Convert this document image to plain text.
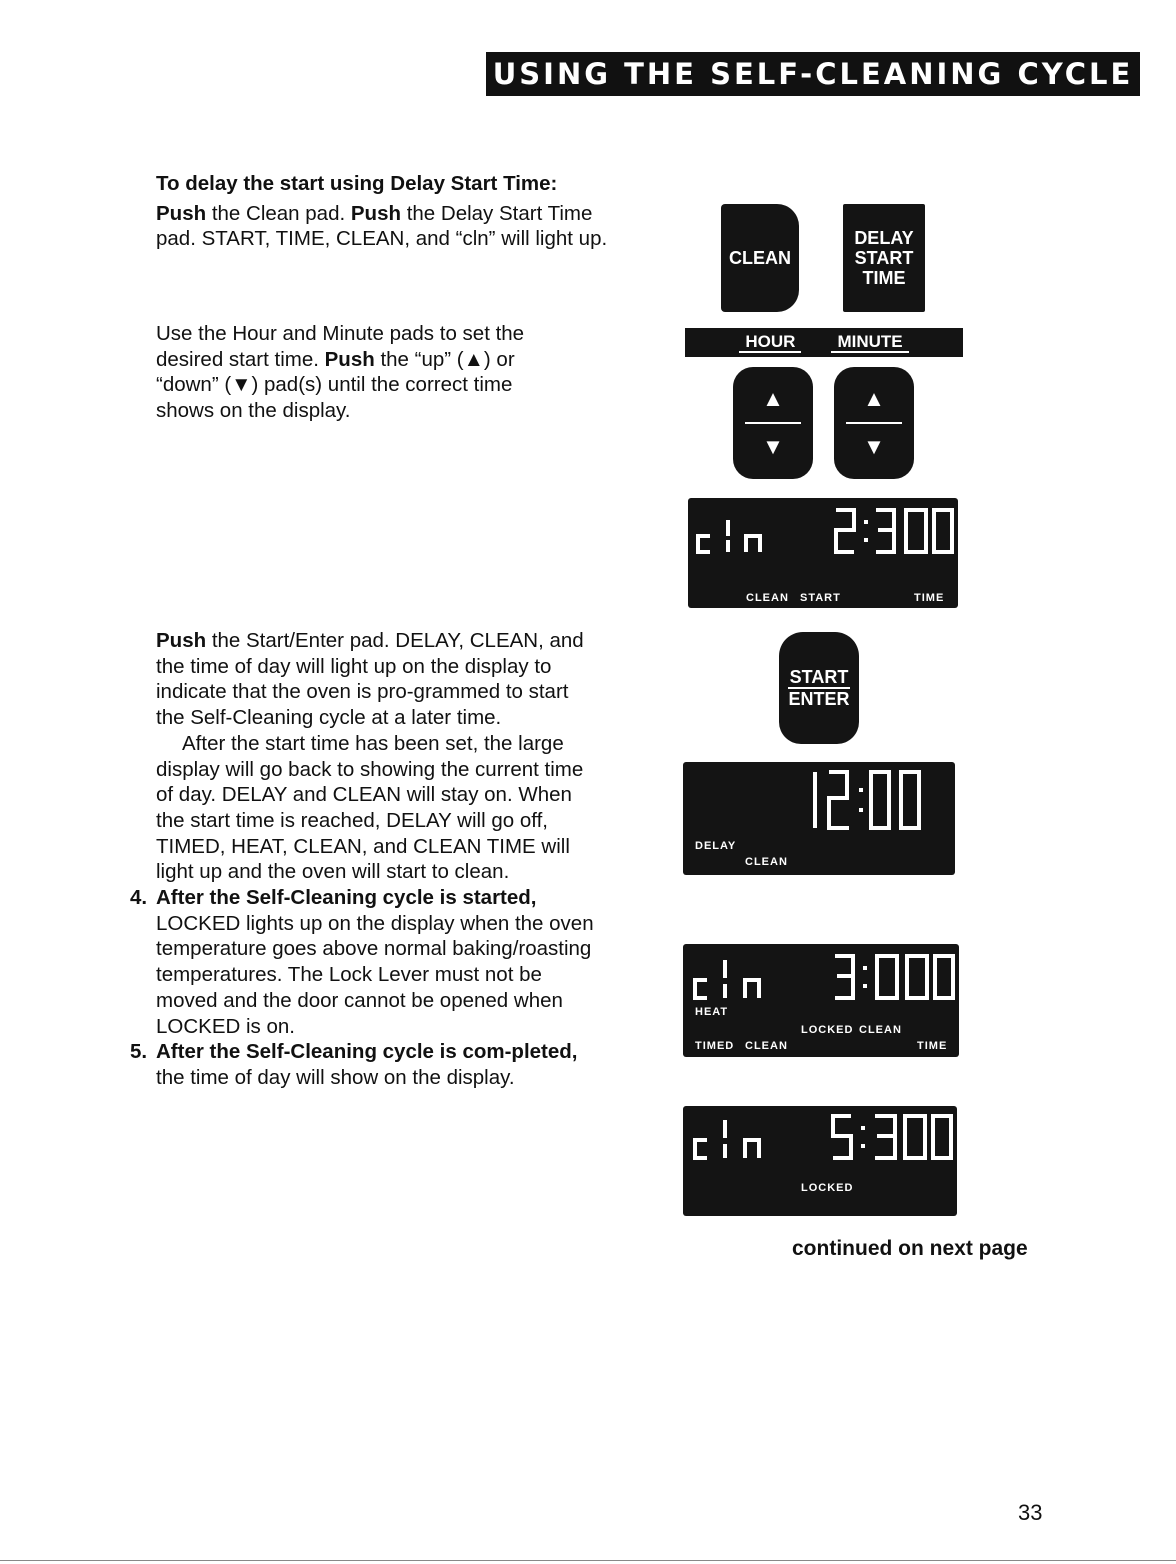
USING THE SELF-CLEANING CYCLE

To delay the start using Delay Start Time:

Push the Clean pad. Push the Delay Start Time pad. START, TIME, CLEAN, and “cln” will light up.

Use the Hour and Minute pads to set the desired start time. Push the “up” (▲) or “down” (▼) pad(s) until the correct time shows on the display.

Push the Start/Enter pad. DELAY, CLEAN, and the time of day will light up on the display to indicate that the oven is pro-grammed to start the Self-Cleaning cycle at a later time.

After the start time has been set, the large display will go back to showing the current time of day. DELAY and CLEAN will stay on. When the start time is reached, DELAY will go off, TIMED, HEAT, CLEAN, and CLEAN TIME will light up and the oven will start to clean.

4. After the Self-Cleaning cycle is started, LOCKED lights up on the display when the oven temperature goes above normal baking/roasting temperatures. The Lock Lever must not be moved and the door cannot be opened when LOCKED is on.

5. After the Self-Cleaning cycle is com-pleted, the time of day will show on the display.

CLEAN
DELAY
START
TIME
HOUR	MINUTE
▲
▼
▲
▼
START
ENTER
CLEAN START	TIME
DELAY
CLEAN
HEAT
LOCKED CLEAN
TIMED CLEAN	TIME
LOCKED
continued on next page
33
